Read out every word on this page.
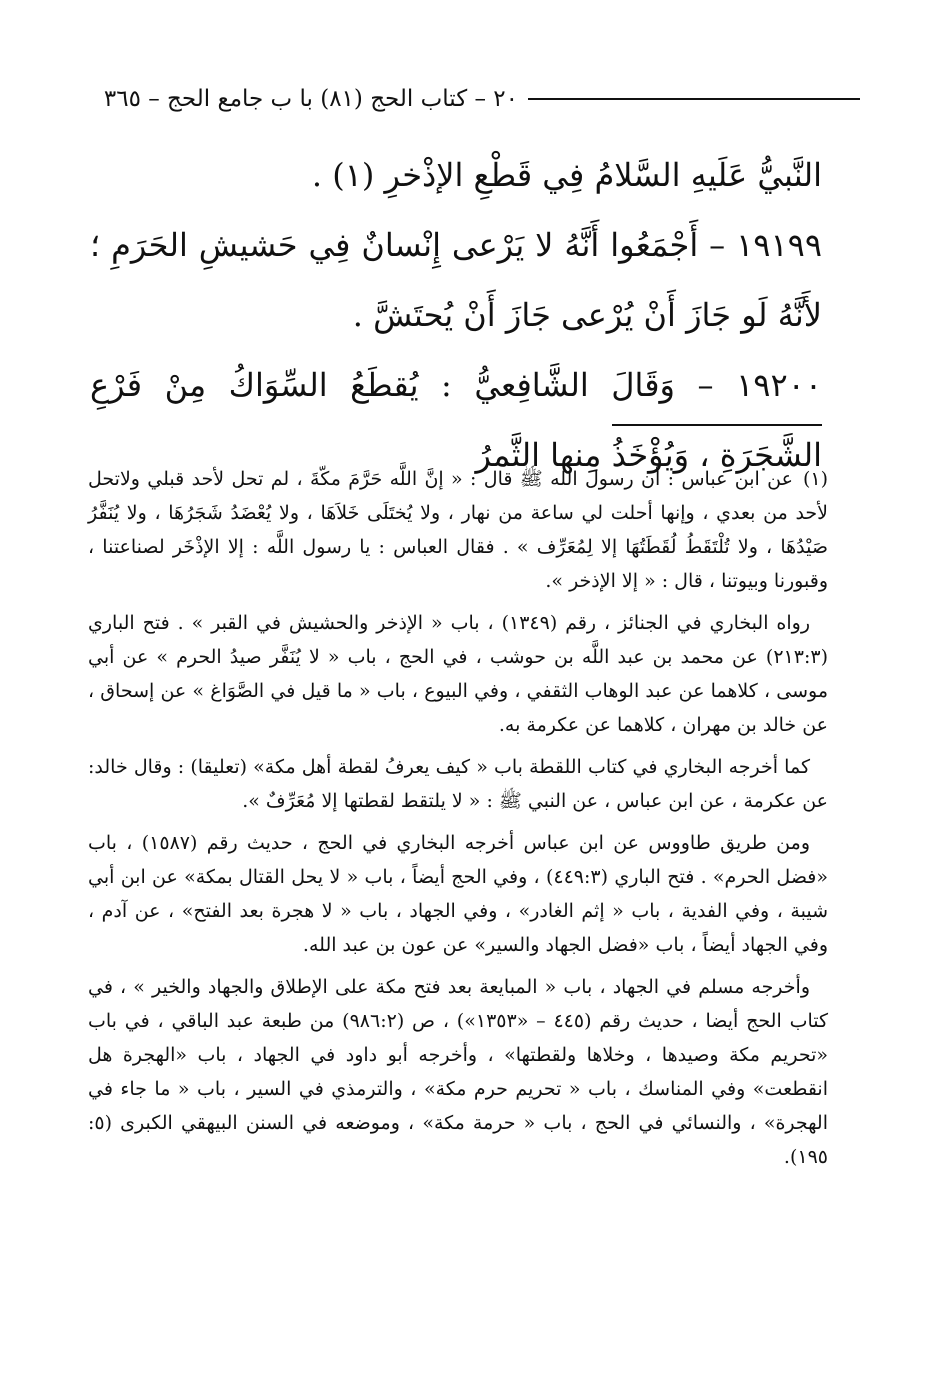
٢٠ – كتاب الحج (٨١) با ب جامع الحج – ٣٦٥

النَّبيُّ عَلَيهِ السَّلامُ فِي قَطْعِ الإذْخرِ (١) .

١٩١٩٩ – أَجْمَعُوا أَنَّهُ لا يَرْعى إِنْسانٌ فِي حَشيشِ الحَرَمِ ؛ لأَنَّهُ لَو جَازَ أَنْ يُرْعى جَازَ أَنْ يُحتَشَّ .

١٩٢٠٠ – وَقَالَ الشَّافِعيُّ : يُقطَعُ السِّوَاكُ مِنْ فَرْعِ الشَّجَرَةِ ، وَيُؤْخَذُ مِنها الثَّمرُ

(١)عن ابن عباس : أن رسول الله ﷺ قال : « إنَّ اللَّه حَرَّمَ مكّةَ ، لم تحل لأحد قبلي ولاتحل لأحد من بعدي ، وإنها أحلت لي ساعة من نهار ، ولا يُختَلَى خَلاَهَا ، ولا يُعْضَدُ شَجَرُهَا ، ولا يُنَفَّرُ صَيْدُهَا ، ولا تُلْتَقَطُ لُقَطَتُهَا إلا لِمُعَرِّف » . فقال العباس : يا رسول اللَّه : إلا الإذْخَر لصناعتنا ، وقبورنا وبيوتنا ، قال : « إلا الإذخر ».

رواه البخاري في الجنائز ، رقم (١٣٤٩) ، باب « الإذخر والحشيش في القبر » . فتح الباري (٢١٣:٣) عن محمد بن عبد اللَّه بن حوشب ، في الحج ، باب « لا يُنَفَّر صيدُ الحرم » عن أبي موسى ، كلاهما عن عبد الوهاب الثقفي ، وفي البيوع ، باب « ما قيل في الصَّوَاغ » عن إسحاق ، عن خالد بن مهران ، كلاهما عن عكرمة به.

كما أخرجه البخاري في كتاب اللقطة باب « كيف يعرفُ لقطة أهل مكة» (تعليقا) : وقال خالد: عن عكرمة ، عن ابن عباس ، عن النبي ﷺ : « لا يلتقط لقطتها إلا مُعَرِّفٌ ».

ومن طريق طاووس عن ابن عباس أخرجه البخاري في الحج ، حديث رقم (١٥٨٧) ، باب «فضل الحرم» . فتح الباري (٤٤٩:٣) ، وفي الحج أيضاً ، باب « لا يحل القتال بمكة» عن ابن أبي شيبة ، وفي الفدية ، باب « إثم الغادر» ، وفي الجهاد ، باب « لا هجرة بعد الفتح» ، عن آدم ، وفي الجهاد أيضاً ، باب «فضل الجهاد والسير» عن عون بن عبد الله.

وأخرجه مسلم في الجهاد ، باب « المبايعة بعد فتح مكة على الإطلاق والجهاد والخير » ، في كتاب الحج أيضا ، حديث رقم (٤٤٥ – «١٣٥٣») ، ص (٩٨٦:٢) من طبعة عبد الباقي ، في باب «تحريم مكة وصيدها ، وخلاها ولقطتها» ، وأخرجه أبو داود في الجهاد ، باب «الهجرة هل انقطعت» وفي المناسك ، باب « تحريم حرم مكة» ، والترمذي في السير ، باب « ما جاء في الهجرة» ، والنسائي في الحج ، باب « حرمة مكة» ، وموضعه في السنن البيهقي الكبرى (٥: ١٩٥).
